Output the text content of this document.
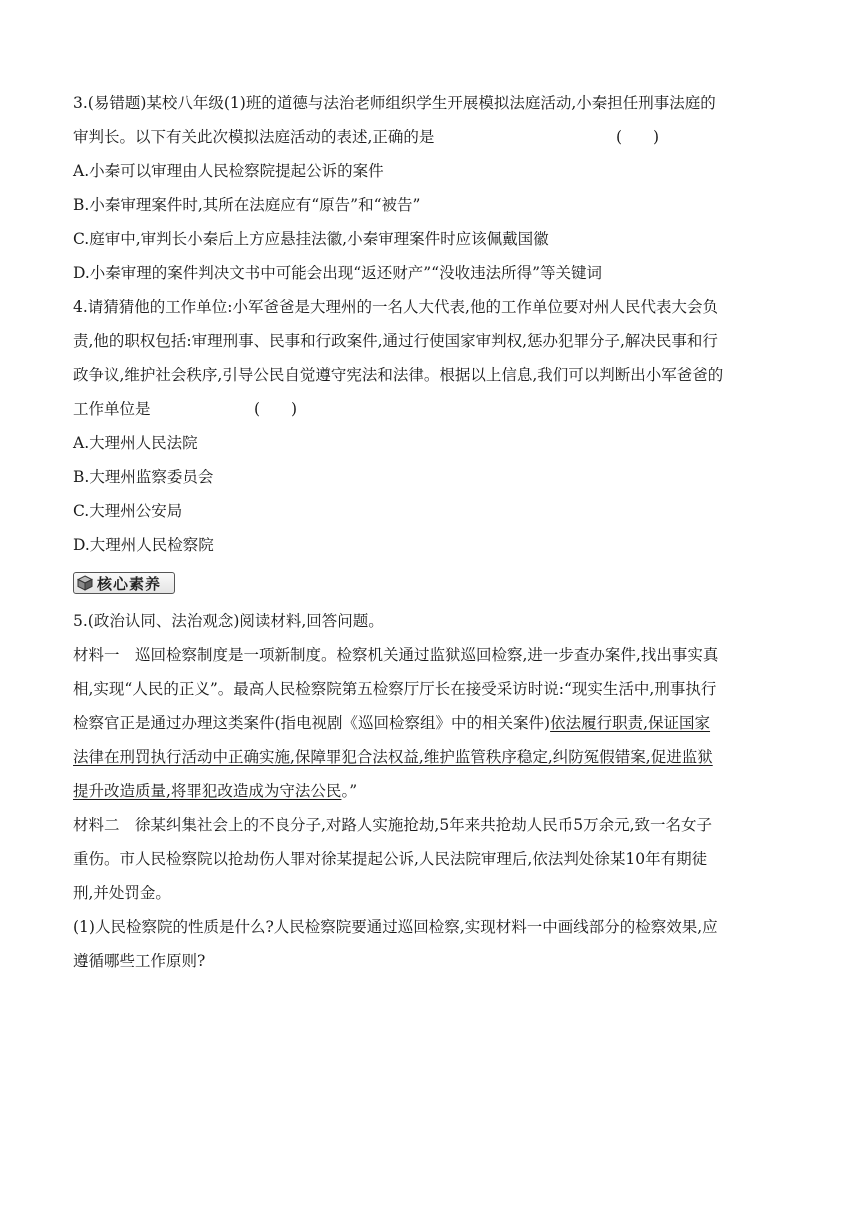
3.(易错题)某校八年级(1)班的道德与法治老师组织学生开展模拟法庭活动,小秦担任刑事法庭的
审判长。以下有关此次模拟法庭活动的表述,正确的是	(　　)
A.小秦可以审理由人民检察院提起公诉的案件
B.小秦审理案件时,其所在法庭应有“原告”和“被告”
C.庭审中,审判长小秦后上方应悬挂法徽,小秦审理案件时应该佩戴国徽
D.小秦审理的案件判决文书中可能会出现“返还财产”“没收违法所得”等关键词
4.请猜猜他的工作单位:小军爸爸是大理州的一名人大代表,他的工作单位要对州人民代表大会负
责,他的职权包括:审理刑事、民事和行政案件,通过行使国家审判权,惩办犯罪分子,解决民事和行
政争议,维护社会秩序,引导公民自觉遵守宪法和法律。根据以上信息,我们可以判断出小军爸爸的
工作单位是	(　　)
A.大理州人民法院
B.大理州监察委员会
C.大理州公安局
D.大理州人民检察院
核心素养
5.(政治认同、法治观念)阅读材料,回答问题。
材料一　巡回检察制度是一项新制度。检察机关通过监狱巡回检察,进一步查办案件,找出事实真
相,实现“人民的正义”。最高人民检察院第五检察厅厅长在接受采访时说:“现实生活中,刑事执行
检察官正是通过办理这类案件(指电视剧《巡回检察组》中的相关案件)依法履行职责,保证国家
法律在刑罚执行活动中正确实施,保障罪犯合法权益,维护监管秩序稳定,纠防冤假错案,促进监狱
提升改造质量,将罪犯改造成为守法公民。”
材料二　徐某纠集社会上的不良分子,对路人实施抢劫,5年来共抢劫人民币5万余元,致一名女子
重伤。市人民检察院以抢劫伤人罪对徐某提起公诉,人民法院审理后,依法判处徐某10年有期徒
刑,并处罚金。
(1)人民检察院的性质是什么?人民检察院要通过巡回检察,实现材料一中画线部分的检察效果,应
遵循哪些工作原则?
